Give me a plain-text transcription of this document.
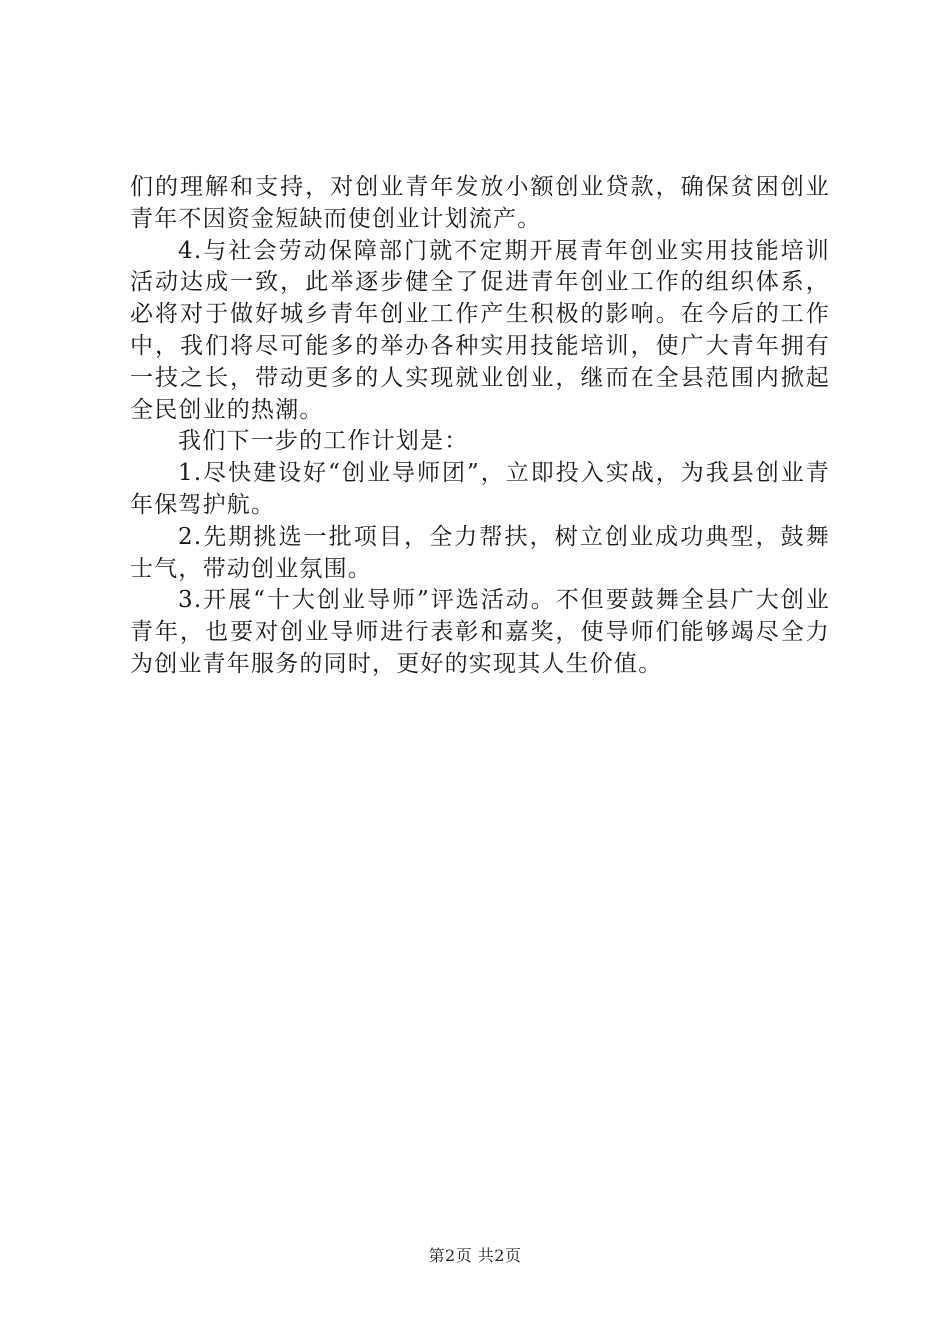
们的理解和支持，对创业青年发放小额创业贷款，确保贫困创业青年不因资金短缺而使创业计划流产。

4.与社会劳动保障部门就不定期开展青年创业实用技能培训活动达成一致，此举逐步健全了促进青年创业工作的组织体系，必将对于做好城乡青年创业工作产生积极的影响。在今后的工作中，我们将尽可能多的举办各种实用技能培训，使广大青年拥有一技之长，带动更多的人实现就业创业，继而在全县范围内掀起全民创业的热潮。

我们下一步的工作计划是：

1.尽快建设好“创业导师团”，立即投入实战，为我县创业青年保驾护航。

2.先期挑选一批项目，全力帮扶，树立创业成功典型，鼓舞士气，带动创业氛围。

3.开展“十大创业导师”评选活动。不但要鼓舞全县广大创业青年，也要对创业导师进行表彰和嘉奖，使导师们能够竭尽全力为创业青年服务的同时，更好的实现其人生价值。

第2页 共2页
